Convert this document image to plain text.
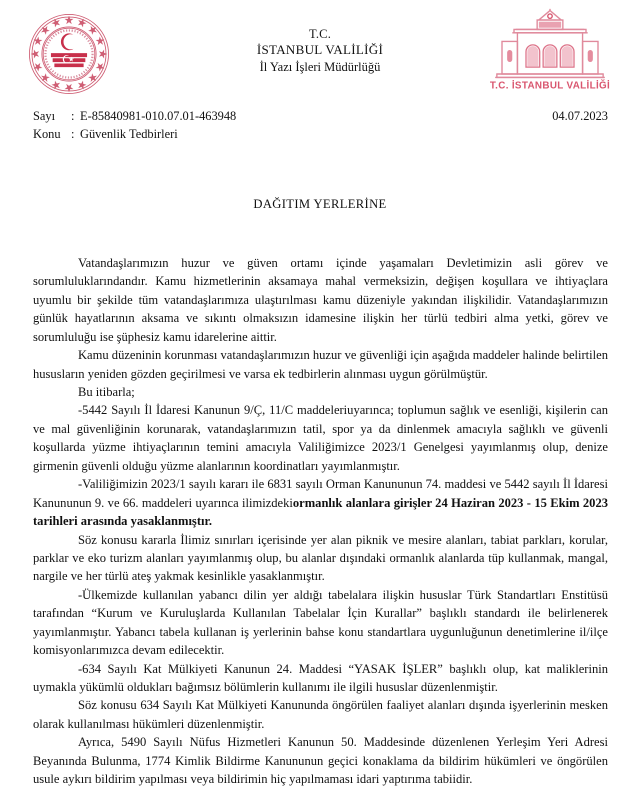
T.C.
İSTANBUL VALİLİĞİ
İl Yazı İşleri Müdürlüğü
T.C. İSTANBUL VALİLİĞİ
04.07.2023
Sayı	: E-85840981-010.07.01-463948
Konu : Güvenlik Tedbirleri
DAĞITIM YERLERİNE

Vatandaşlarımızın huzur ve güven ortamı içinde yaşamaları Devletimizin asli görev ve sorumluluklarındandır. Kamu hizmetlerinin aksamaya mahal vermeksizin, değişen koşullara ve ihtiyaçlara uyumlu bir şekilde tüm vatandaşlarımıza ulaştırılması kamu düzeniyle yakından ilişkilidir. Vatandaşlarımızın günlük hayatlarının aksama ve sıkıntı olmaksızın idamesine ilişkin her türlü tedbiri alma yetki, görev ve sorumluluğu ise şüphesiz kamu idarelerine aittir.

Kamu düzeninin korunması vatandaşlarımızın huzur ve güvenliği için aşağıda maddeler halinde belirtilen hususların yeniden gözden geçirilmesi ve varsa ek tedbirlerin alınması uygun görülmüştür.

Bu itibarla;

-5442 Sayılı İl İdaresi Kanunun 9/Ç, 11/C maddeleriuyarınca; toplumun sağlık ve esenliği, kişilerin can ve mal güvenliğinin korunarak, vatandaşlarımızın tatil, spor ya da dinlenmek amacıyla sağlıklı ve güvenli koşullarda yüzme ihtiyaçlarının temini amacıyla Valiliğimizce 2023/1 Genelgesi yayımlanmış olup, denize girmenin güvenli olduğu yüzme alanlarının koordinatları yayımlanmıştır.

-Valiliğimizin 2023/1 sayılı kararı ile 6831 sayılı Orman Kanununun 74. maddesi ve 5442 sayılı İl İdaresi Kanununun 9. ve 66. maddeleri uyarınca ilimizdekiormanlık alanlara girişler 24 Haziran 2023 - 15 Ekim 2023 tarihleri arasında yasaklanmıştır.

Söz konusu kararla İlimiz sınırları içerisinde yer alan piknik ve mesire alanları, tabiat parkları, korular, parklar ve eko turizm alanları yayımlanmış olup, bu alanlar dışındaki ormanlık alanlarda tüp kullanmak, mangal, nargile ve her türlü ateş yakmak kesinlikle yasaklanmıştır.

-Ülkemizde kullanılan yabancı dilin yer aldığı tabelalara ilişkin hususlar Türk Standartları Enstitüsü tarafından “Kurum ve Kuruluşlarda Kullanılan Tabelalar İçin Kurallar” başlıklı standardı ile belirlenerek yayımlanmıştır. Yabancı tabela kullanan iş yerlerinin bahse konu standartlara uygunluğunun denetimlerine il/ilçe komisyonlarımızca devam edilecektir.

-634 Sayılı Kat Mülkiyeti Kanunun 24. Maddesi “YASAK İŞLER” başlıklı olup, kat maliklerinin uymakla yükümlü oldukları bağımsız bölümlerin kullanımı ile ilgili hususlar düzenlenmiştir.

Söz konusu 634 Sayılı Kat Mülkiyeti Kanununda öngörülen faaliyet alanları dışında işyerlerinin mesken olarak kullanılması hükümleri düzenlenmiştir.

Ayrıca, 5490 Sayılı Nüfus Hizmetleri Kanunun 50. Maddesinde düzenlenen Yerleşim Yeri Adresi Beyanında Bulunma, 1774 Kimlik Bildirme Kanununun geçici konaklama da bildirim hükümleri ve öngörülen usule aykırı bildirim yapılması veya bildirimin hiç yapılmaması idari yaptırıma tabiidir.
